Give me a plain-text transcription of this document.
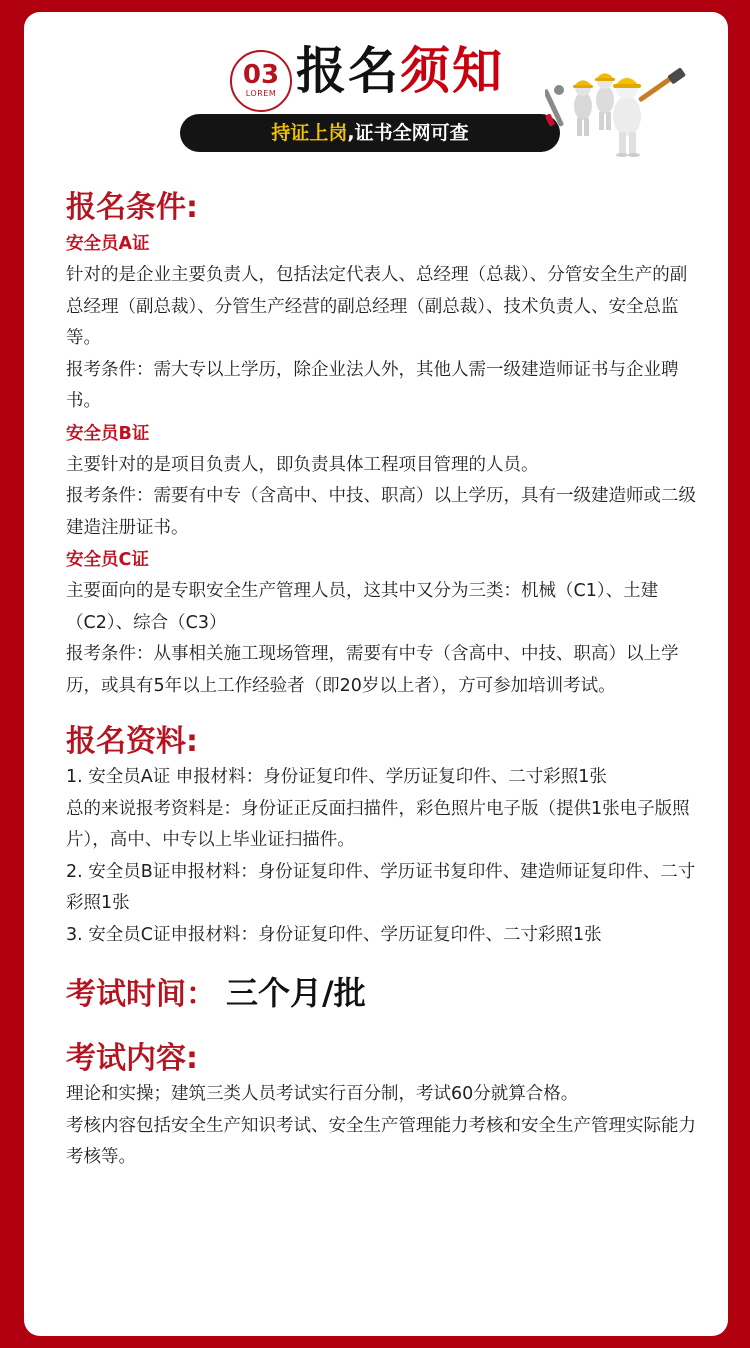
03
LOREM 报名须知
持证上岗,证书全网可查
报名条件:
安全员A证
针对的是企业主要负责人，包括法定代表人、总经理（总裁）、分管安全生产的副总经理（副总裁）、分管生产经营的副总经理（副总裁）、技术负责人、安全总监等。
报考条件：需大专以上学历，除企业法人外，其他人需一级建造师证书与企业聘书。
安全员B证
主要针对的是项目负责人，即负责具体工程项目管理的人员。
报考条件：需要有中专（含高中、中技、职高）以上学历，具有一级建造师或二级建造注册证书。
安全员C证
主要面向的是专职安全生产管理人员，这其中又分为三类：机械（C1）、土建（C2）、综合（C3）
报考条件：从事相关施工现场管理，需要有中专（含高中、中技、职高）以上学历，或具有5年以上工作经验者（即20岁以上者），方可参加培训考试。
报名资料:
1. 安全员A证 申报材料：身份证复印件、学历证复印件、二寸彩照1张
总的来说报考资料是：身份证正反面扫描件，彩色照片电子版（提供1张电子版照片），高中、中专以上毕业证扫描件。
2. 安全员B证申报材料：身份证复印件、学历证书复印件、建造师证复印件、二寸彩照1张
3. 安全员C证申报材料：身份证复印件、学历证复印件、二寸彩照1张
考试时间： 三个月/批
考试内容:
理论和实操；建筑三类人员考试实行百分制，考试60分就算合格。
考核内容包括安全生产知识考试、安全生产管理能力考核和安全生产管理实际能力考核等。
